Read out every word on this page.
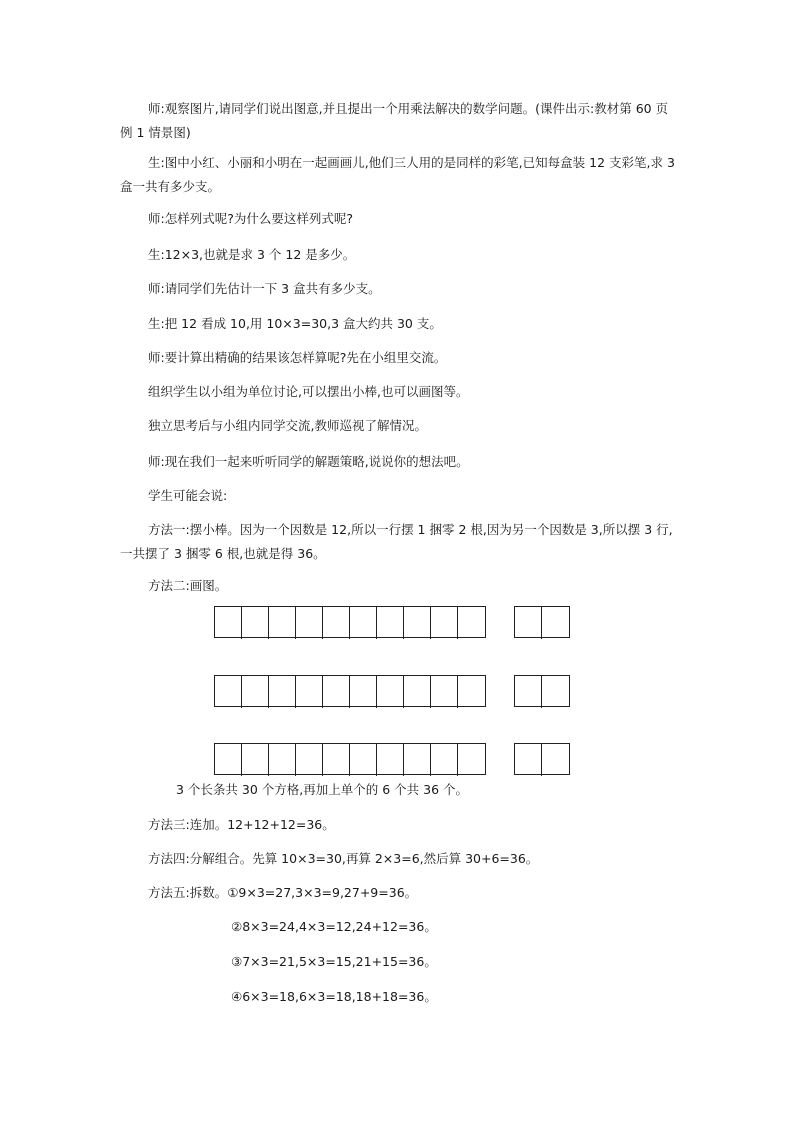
师:观察图片,请同学们说出图意,并且提出一个用乘法解决的数学问题。(课件出示:教材第 60 页例 1 情景图)

生:图中小红、小丽和小明在一起画画儿,他们三人用的是同样的彩笔,已知每盒装 12 支彩笔,求 3 盒一共有多少支。

师:怎样列式呢?为什么要这样列式呢?

生:12×3,也就是求 3 个 12 是多少。

师:请同学们先估计一下 3 盒共有多少支。

生:把 12 看成 10,用 10×3=30,3 盒大约共 30 支。

师:要计算出精确的结果该怎样算呢?先在小组里交流。

组织学生以小组为单位讨论,可以摆出小棒,也可以画图等。

独立思考后与小组内同学交流,教师巡视了解情况。

师:现在我们一起来听听同学的解题策略,说说你的想法吧。

学生可能会说:

方法一:摆小棒。因为一个因数是 12,所以一行摆 1 捆零 2 根,因为另一个因数是 3,所以摆 3 行,一共摆了 3 捆零 6 根,也就是得 36。

方法二:画图。

3 个长条共 30 个方格,再加上单个的 6 个共 36 个。

方法三:连加。12+12+12=36。

方法四:分解组合。先算 10×3=30,再算 2×3=6,然后算 30+6=36。

方法五:拆数。①9×3=27,3×3=9,27+9=36。

②8×3=24,4×3=12,24+12=36。

③7×3=21,5×3=15,21+15=36。

④6×3=18,6×3=18,18+18=36。
